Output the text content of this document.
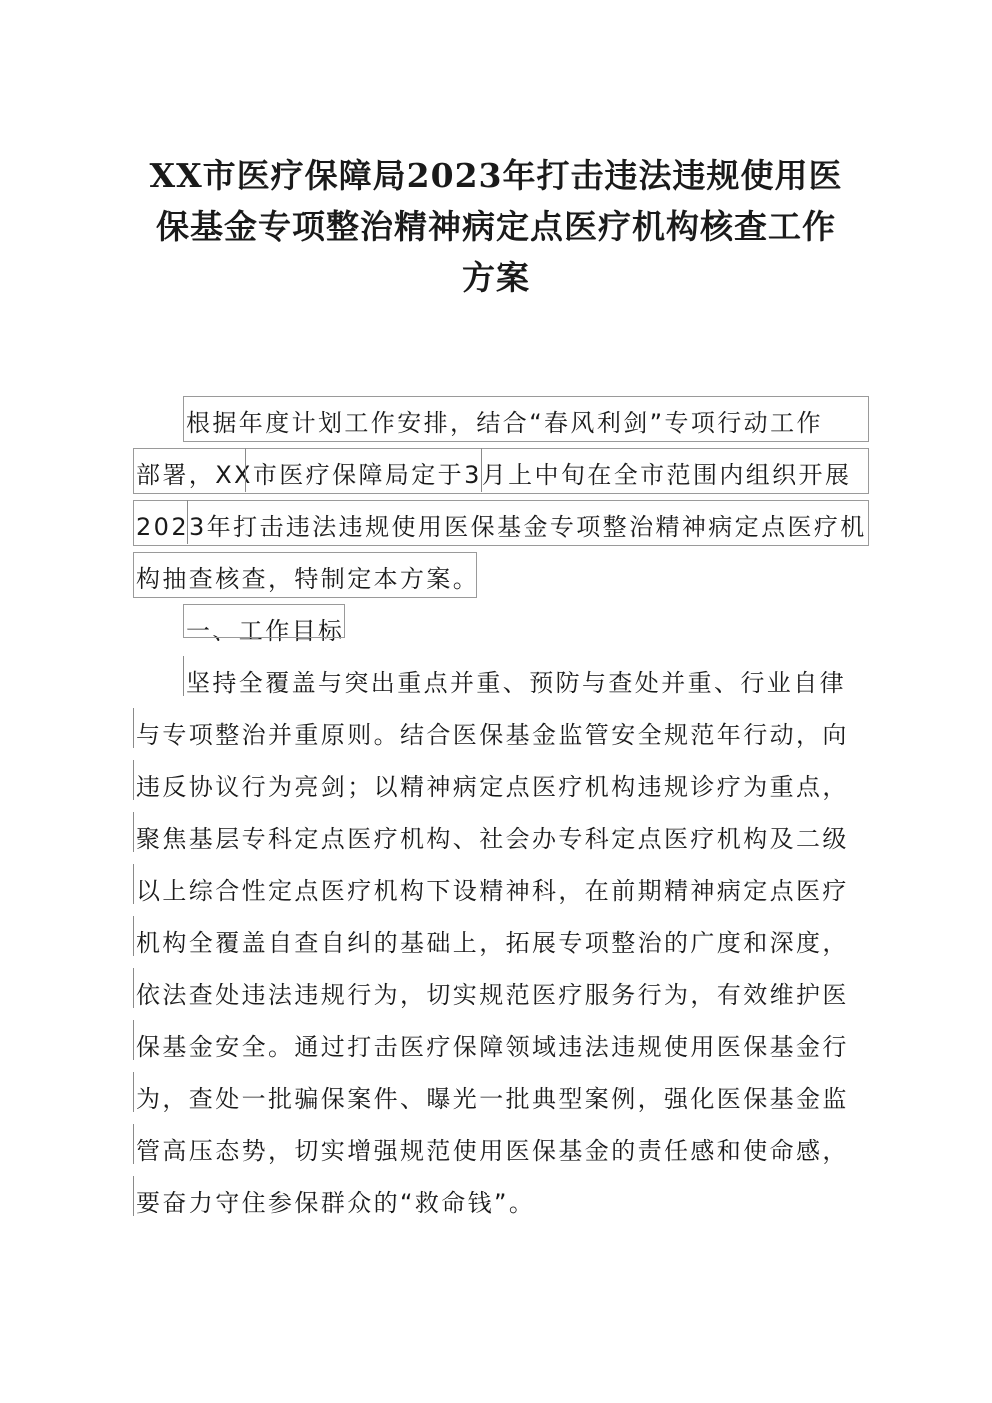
XX市医疗保障局2023年打击违法违规使用医
保基金专项整治精神病定点医疗机构核查工作
方案
根据年度计划工作安排，结合“春风利剑”专项行动工作
部署，XX市医疗保障局定于3月上中旬在全市范围内组织开展
2023年打击违法违规使用医保基金专项整治精神病定点医疗机
构抽查核查，特制定本方案。
一、工作目标
坚持全覆盖与突出重点并重、预防与查处并重、行业自律
与专项整治并重原则。结合医保基金监管安全规范年行动，向
违反协议行为亮剑；以精神病定点医疗机构违规诊疗为重点，
聚焦基层专科定点医疗机构、社会办专科定点医疗机构及二级
以上综合性定点医疗机构下设精神科，在前期精神病定点医疗
机构全覆盖自查自纠的基础上，拓展专项整治的广度和深度，
依法查处违法违规行为，切实规范医疗服务行为，有效维护医
保基金安全。通过打击医疗保障领域违法违规使用医保基金行
为，查处一批骗保案件、曝光一批典型案例，强化医保基金监
管高压态势，切实增强规范使用医保基金的责任感和使命感，
要奋力守住参保群众的“救命钱”。
